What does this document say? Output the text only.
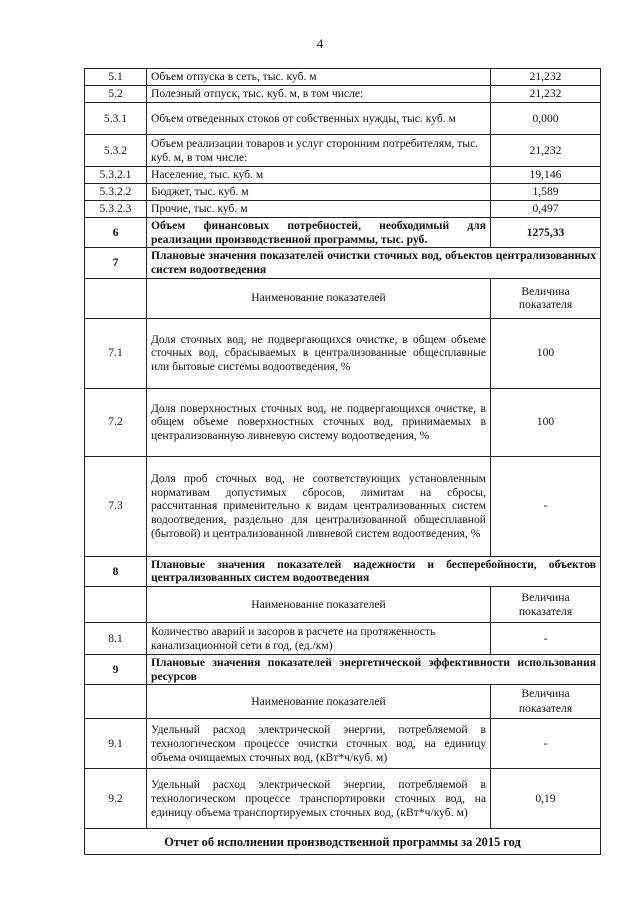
4
5.1	Объем отпуска в сеть, тыс. куб. м	21,232
5.2	Полезный отпуск, тыс. куб. м, в том числе:	21,232
5.3.1	Объем отведенных стоков от собственных нужды, тыс. куб. м	0,000
5.3.2	Объем реализации товаров и услуг сторонним потребителям, тыс. куб. м, в том числе:	21,232
5.3.2.1	Население, тыс. куб. м	19,146
5.3.2.2	Бюджет, тыс. куб. м	1,589
5.3.2.3	Прочие, тыс. куб. м	0,497
6	Объем финансовых потребностей, необходимый для реализации производственной программы, тыс. руб.	1275,33
7	Плановые значения показателей очистки сточных вод, объектов централизованных систем водоотведения	
	Наименование показателей	Величина показателя
7.1	Доля сточных вод, не подвергающихся очистке, в общем объеме сточных вод, сбрасываемых в централизованные общесплавные или бытовые системы водоотведения, %	100
7.2	Доля поверхностных сточных вод, не подвергающихся очистке, в общем объеме поверхностных сточных вод, принимаемых в централизованную ливневую систему водоотведения, %	100
7.3	Доля проб сточных вод, не соответствующих установленным нормативам допустимых сбросов, лимитам на сбросы, рассчитанная применительно к видам централизованных систем водоотведения, раздельно для централизованной общесплавной (бытовой) и централизованной ливневой систем водоотведения, %	-
8	Плановые значения показателей надежности и бесперебойности, объектов централизованных систем водоотведения	
	Наименование показателей	Величина показателя
8.1	Количество аварий и засоров в расчете на протяженность канализационной сети в год, (ед./км)	-
9	Плановые значения показателей энергетической эффективности использования ресурсов	
	Наименование показателей	Величина показателя
9.1	Удельный расход электрической энергии, потребляемой в технологическом процессе очистки сточных вод, на единицу объема очищаемых сточных вод, (кВт*ч/куб. м)	-
9.2	Удельный расход электрической энергии, потребляемой в технологическом процессе транспортировки сточных вод, на единицу объема транспортируемых сточных вод, (кВт*ч/куб. м)	0,19
Отчет об исполнении производственной программы за 2015 год		
